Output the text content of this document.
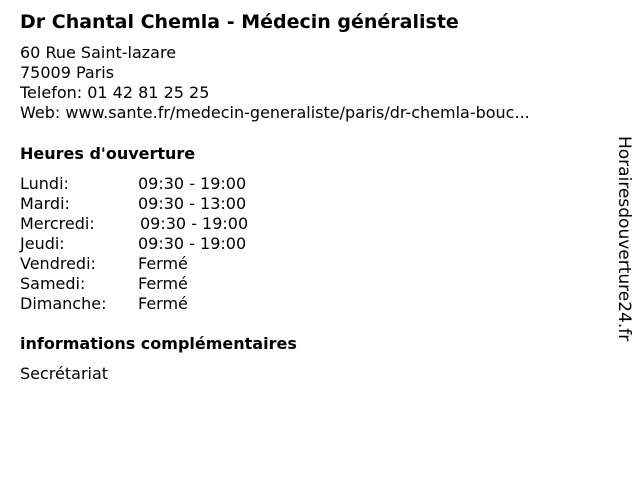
Dr Chantal Chemla - Médecin généraliste
60 Rue Saint-lazare
75009 Paris
Telefon: 01 42 81 25 25
Web: www.sante.fr/medecin-generaliste/paris/dr-chemla-bouc...
Heures d'ouverture
Lundi:	09:30 - 19:00
Mardi:	09:30 - 13:00
Mercredi:	09:30 - 19:00
Jeudi:	09:30 - 19:00
Vendredi:	Fermé
Samedi:	Fermé
Dimanche: Fermé
informations complémentaires
Secrétariat
Horairesdouverture24.fr
